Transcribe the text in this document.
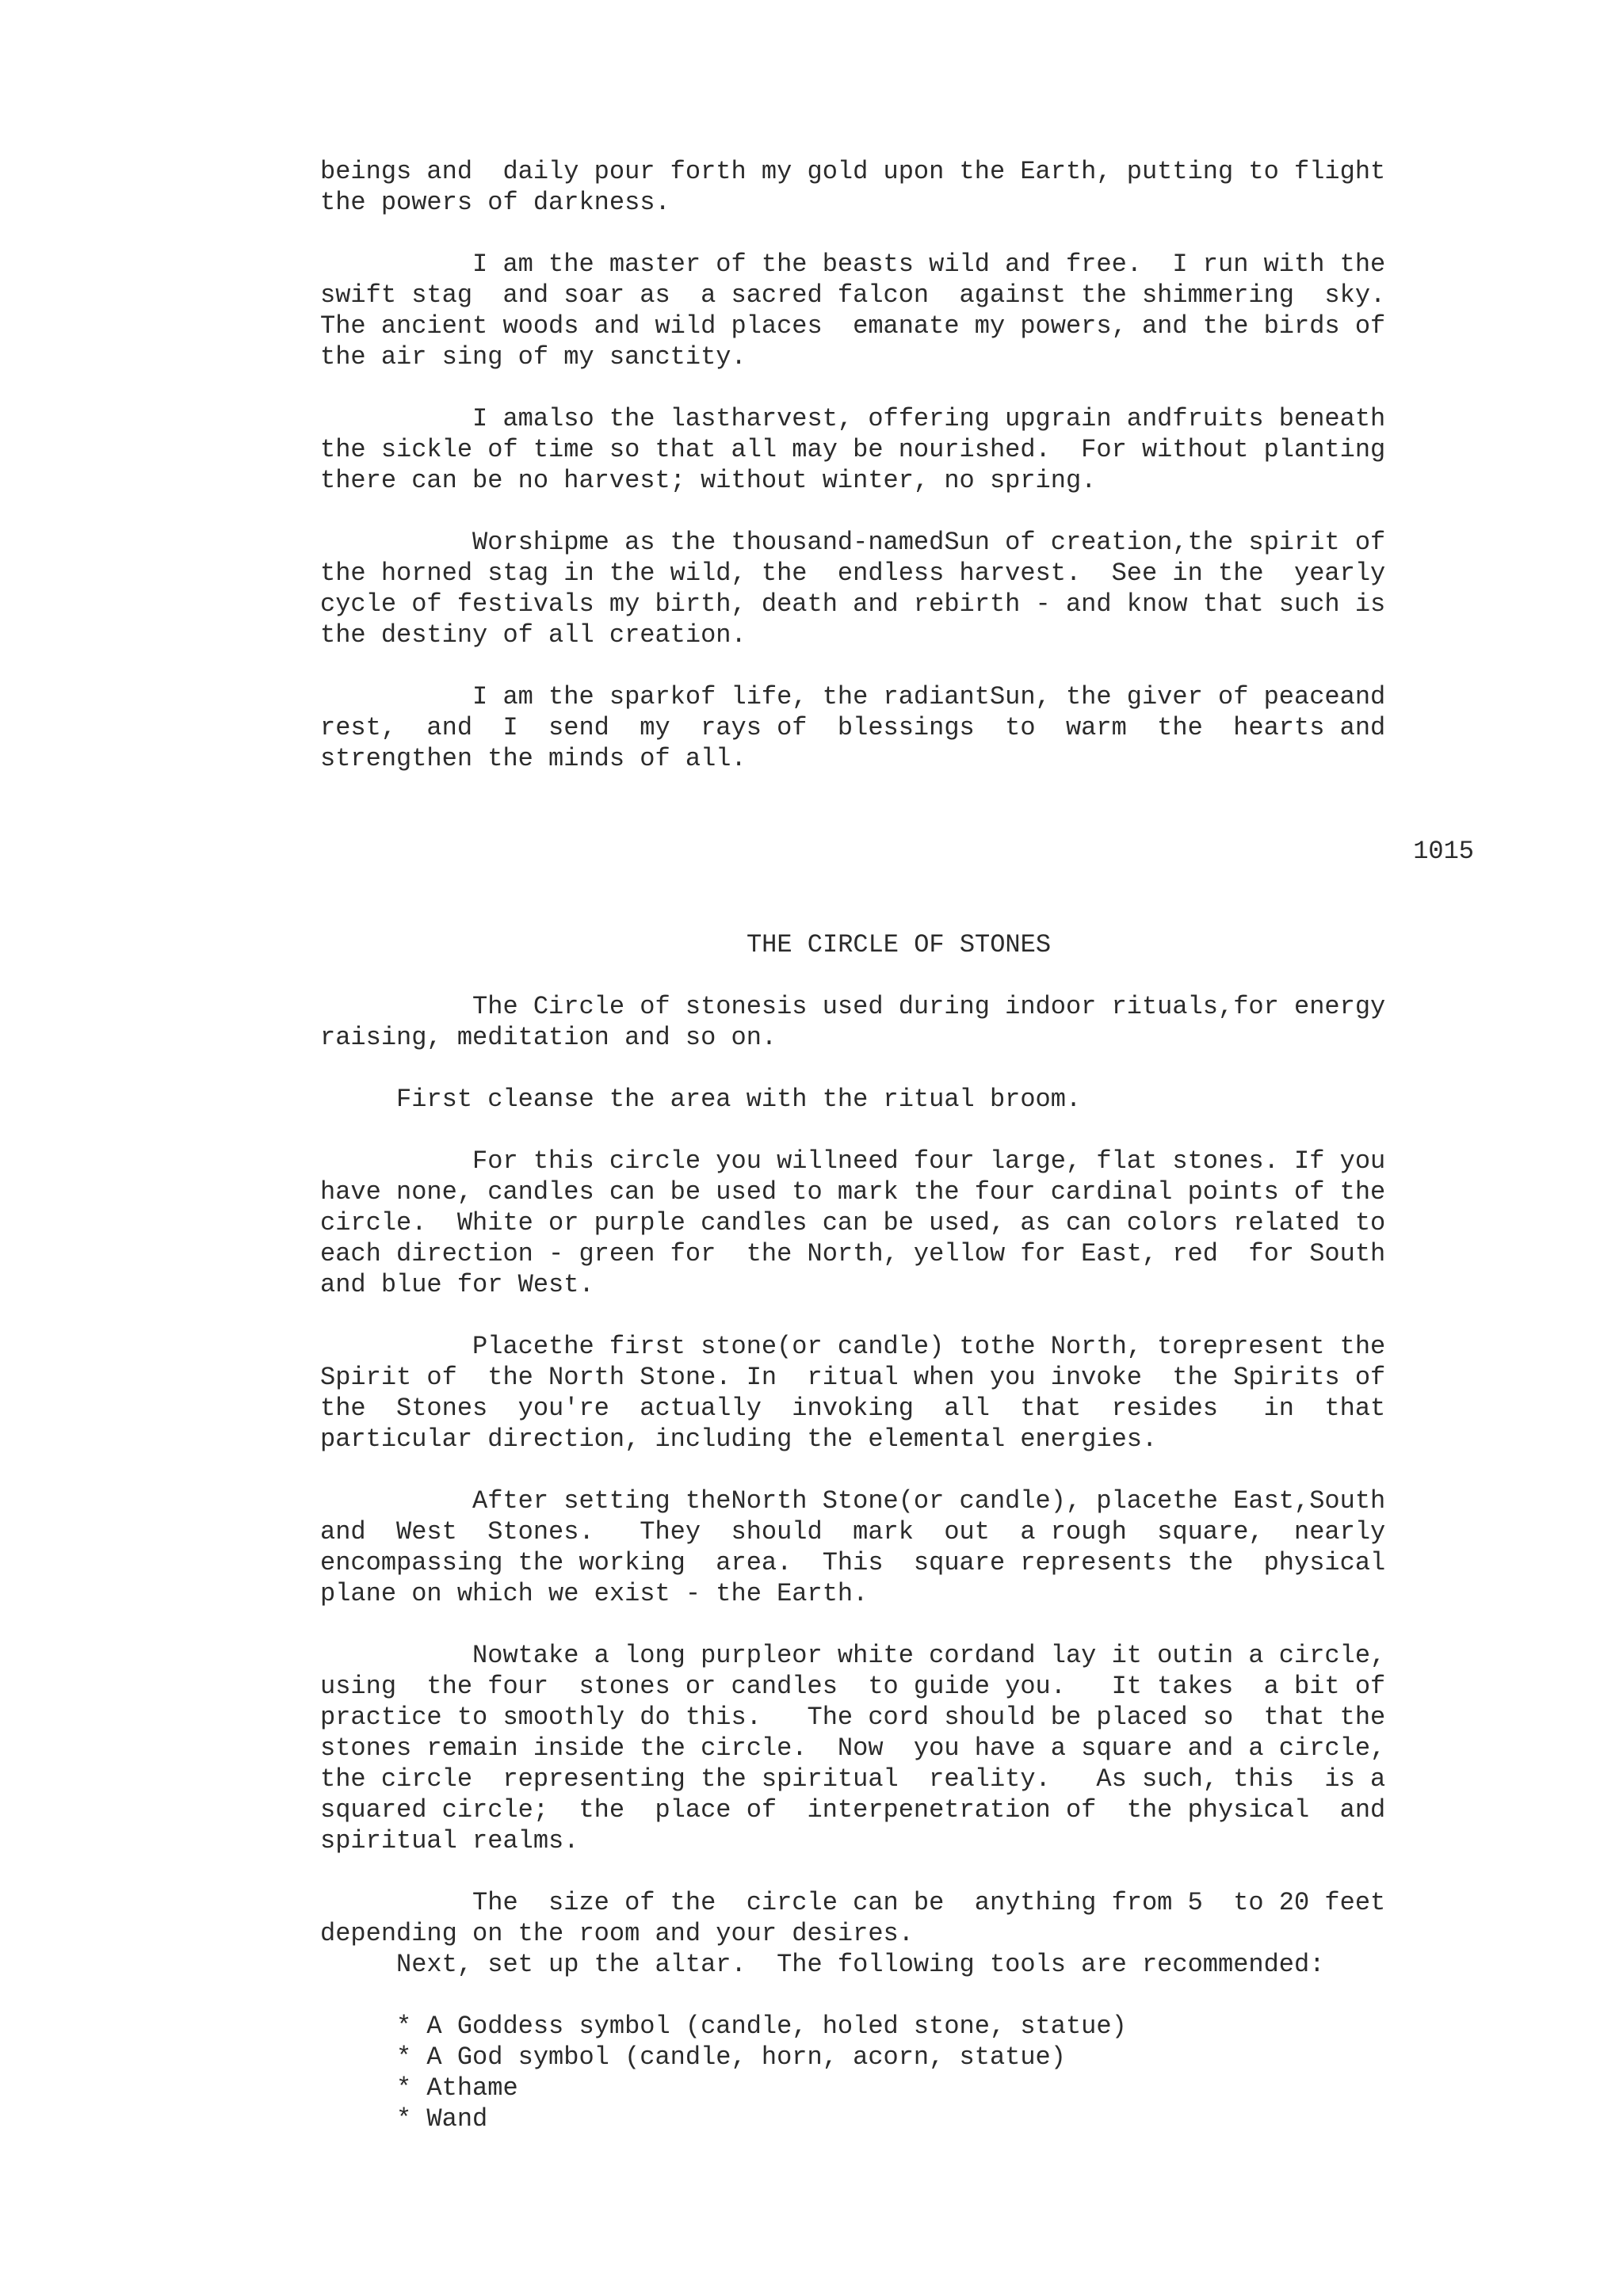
beings and  daily pour forth my gold upon the Earth, putting to flight
the powers of darkness.

I am the master of the beasts wild and free.  I run with the
swift stag  and soar as  a sacred falcon  against the shimmering  sky.
The ancient woods and wild places  emanate my powers, and the birds of
the air sing of my sanctity.

I amalso the lastharvest, offering upgrain andfruits beneath
the sickle of time so that all may be nourished.  For without planting
there can be no harvest; without winter, no spring.

Worshipme as the thousand-namedSun of creation,the spirit of
the horned stag in the wild, the  endless harvest.  See in the  yearly
cycle of festivals my birth, death and rebirth - and know that such is
the destiny of all creation.

I am the sparkof life, the radiantSun, the giver of peaceand
rest,  and  I  send  my  rays of  blessings  to  warm  the  hearts and
strengthen the minds of all.

1015

THE CIRCLE OF STONES

The Circle of stonesis used during indoor rituals,for energy
raising, meditation and so on.

First cleanse the area with the ritual broom.

For this circle you willneed four large, flat stones. If you
have none, candles can be used to mark the four cardinal points of the
circle.  White or purple candles can be used, as can colors related to
each direction - green for  the North, yellow for East, red  for South
and blue for West.

Placethe first stone(or candle) tothe North, torepresent the
Spirit of  the North Stone. In  ritual when you invoke  the Spirits of
the  Stones  you're  actually  invoking  all  that  resides   in  that
particular direction, including the elemental energies.

After setting theNorth Stone(or candle), placethe East,South
and  West  Stones.   They  should  mark  out  a rough  square,  nearly
encompassing the working  area.  This  square represents the  physical
plane on which we exist - the Earth.

Nowtake a long purpleor white cordand lay it outin a circle,
using  the four  stones or candles  to guide you.   It takes  a bit of
practice to smoothly do this.   The cord should be placed so  that the
stones remain inside the circle.  Now  you have a square and a circle,
the circle  representing the spiritual  reality.   As such, this  is a
squared circle;  the  place of  interpenetration of  the physical  and
spiritual realms.

The  size of the  circle can be  anything from 5  to 20 feet
depending on the room and your desires.
Next, set up the altar.  The following tools are recommended:

* A Goddess symbol (candle, holed stone, statue)
* A God symbol (candle, horn, acorn, statue)
* Athame
* Wand
